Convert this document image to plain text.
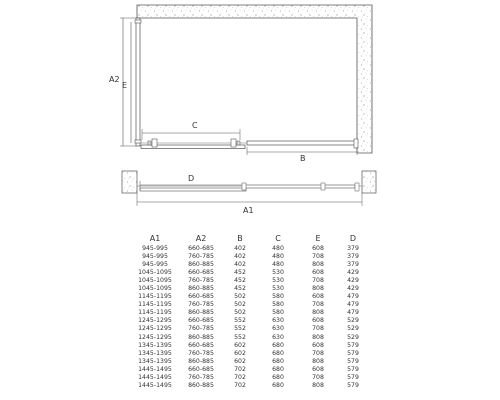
A2
E
C
B
D
A1
A1	A2	B	C	E	D
945-995	660-685	402	480	608	379
945-995	760-785	402	480	708	379
945-995	860-885	402	480	808	379
1045-1095	660-685	452	530	608	429
1045-1095	760-785	452	530	708	429
1045-1095	860-885	452	530	808	429
1145-1195	660-685	502	580	608	479
1145-1195	760-785	502	580	708	479
1145-1195	860-885	502	580	808	479
1245-1295	660-685	552	630	608	529
1245-1295	760-785	552	630	708	529
1245-1295	860-885	552	630	808	529
1345-1395	660-685	602	680	608	579
1345-1395	760-785	602	680	708	579
1345-1395	860-885	602	680	808	579
1445-1495	660-685	702	680	608	579
1445-1495	760-785	702	680	708	579
1445-1495	860-885	702	680	808	579
